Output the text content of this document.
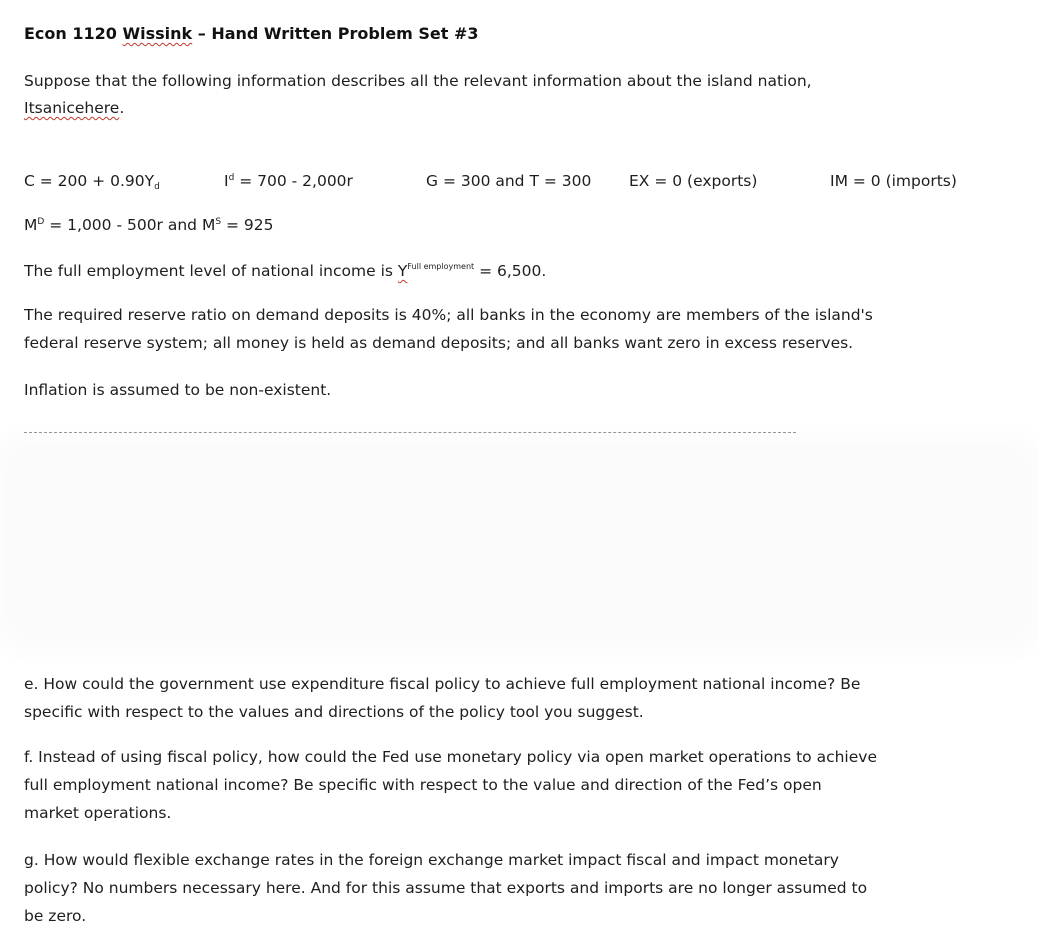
Econ 1120 Wissink – Hand Written Problem Set #3
Suppose that the following information describes all the relevant information about the island nation,
Itsanicehere.
$C = 200 + 0.90Y_d$	$I^d = 700 - 2,000r$	G = 300 and T = 300 EX = 0 (exports)	IM = 0 (imports)
$M^D = 1,000 - 500r$ and $M^S = 925$
The full employment level of national income is $Y^{Full employment} = 6,500$.
The required reserve ratio on demand deposits is 40%; all banks in the economy are members of the island's
federal reserve system; all money is held as demand deposits; and all banks want zero in excess reserves.
Inflation is assumed to be non-existent.
e. How could the government use expenditure fiscal policy to achieve full employment national income? Be
specific with respect to the values and directions of the policy tool you suggest.
f. Instead of using fiscal policy, how could the Fed use monetary policy via open market operations to achieve
full employment national income? Be specific with respect to the value and direction of the Fed’s open
market operations.
g. How would flexible exchange rates in the foreign exchange market impact fiscal and impact monetary
policy? No numbers necessary here. And for this assume that exports and imports are no longer assumed to
be zero.
